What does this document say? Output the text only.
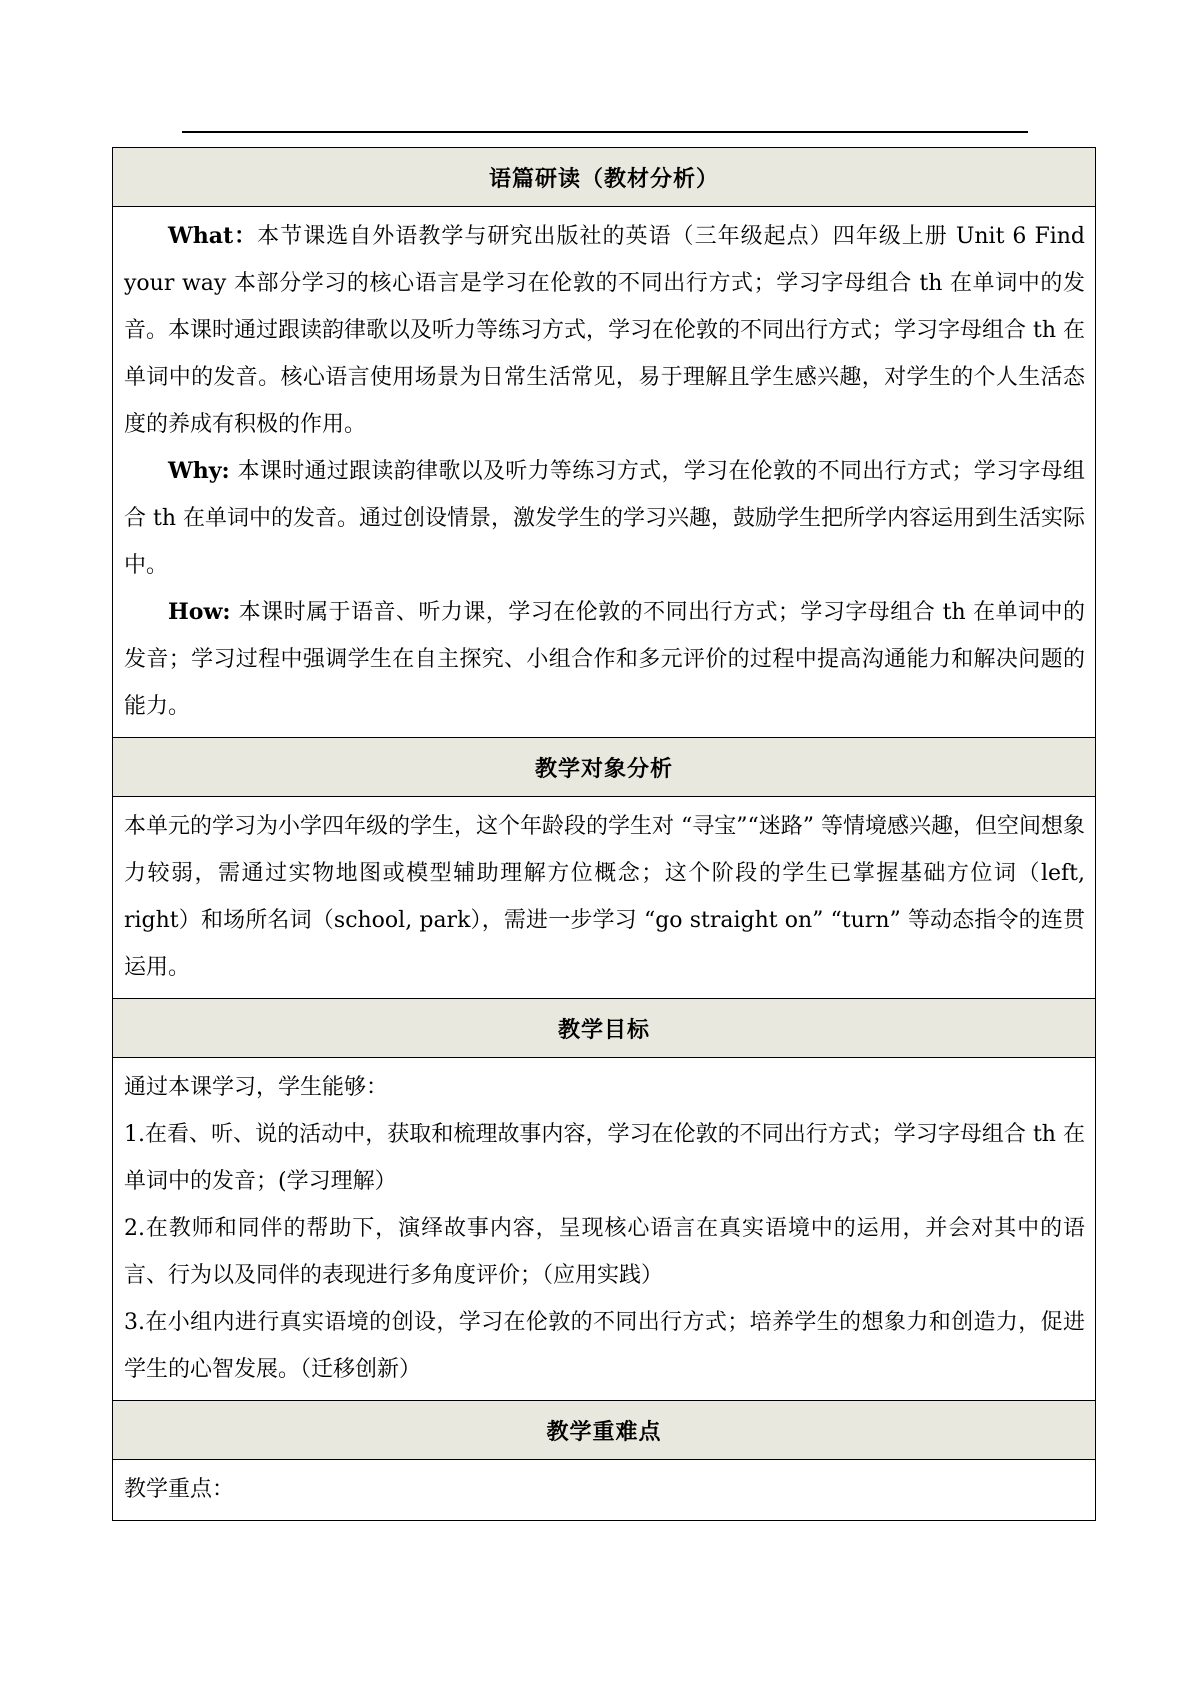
语篇研读（教材分析）

What：本节课选自外语教学与研究出版社的英语（三年级起点）四年级上册 Unit 6 Find your way 本部分学习的核心语言是学习在伦敦的不同出行方式；学习字母组合 th 在单词中的发音。本课时通过跟读韵律歌以及听力等练习方式，学习在伦敦的不同出行方式；学习字母组合 th 在单词中的发音。核心语言使用场景为日常生活常见，易于理解且学生感兴趣，对学生的个人生活态度的养成有积极的作用。

Why: 本课时通过跟读韵律歌以及听力等练习方式，学习在伦敦的不同出行方式；学习字母组合 th 在单词中的发音。通过创设情景，激发学生的学习兴趣，鼓励学生把所学内容运用到生活实际中。

How: 本课时属于语音、听力课，学习在伦敦的不同出行方式；学习字母组合 th 在单词中的发音；学习过程中强调学生在自主探究、小组合作和多元评价的过程中提高沟通能力和解决问题的能力。

教学对象分析

本单元的学习为小学四年级的学生，这个年龄段的学生对 “寻宝”“迷路” 等情境感兴趣，但空间想象力较弱，需通过实物地图或模型辅助理解方位概念；这个阶段的学生已掌握基础方位词（left, right）和场所名词（school, park），需进一步学习 “go straight on” “turn” 等动态指令的连贯运用。

教学目标

通过本课学习，学生能够：

1.在看、听、说的活动中，获取和梳理故事内容，学习在伦敦的不同出行方式；学习字母组合 th 在单词中的发音；(学习理解）

2.在教师和同伴的帮助下，演绎故事内容，呈现核心语言在真实语境中的运用，并会对其中的语言、行为以及同伴的表现进行多角度评价；（应用实践）

3.在小组内进行真实语境的创设，学习在伦敦的不同出行方式；培养学生的想象力和创造力，促进学生的心智发展。（迁移创新）

教学重难点

教学重点：
